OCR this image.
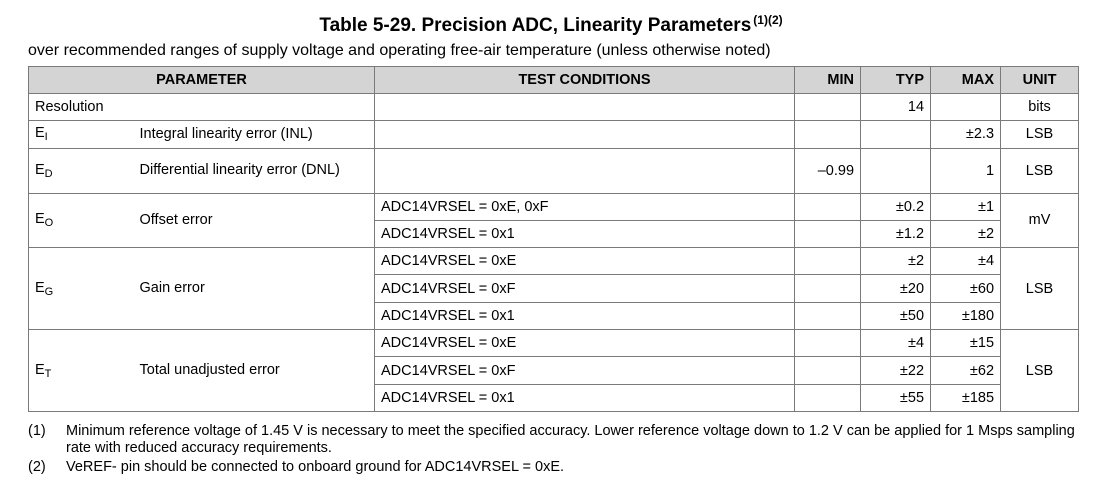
Table 5-29. Precision ADC, Linearity Parameters $^{(1)(2)}$
over recommended ranges of supply voltage and operating free-air temperature (unless otherwise noted)
PARAMETER		TEST CONDITIONS	MIN	TYP	MAX	UNIT
Resolution				14		bits
$E_I$	Integral linearity error (INL)				±2.3	LSB
$E_D$	Differential linearity error (DNL)		–0.99		1	LSB
$E_O$	Offset error	ADC14VRSEL = 0xE, 0xF		±0.2	±1	mV
		ADC14VRSEL = 0x1		±1.2	±2	
$E_G$	Gain error	ADC14VRSEL = 0xE		±2	±4	LSB
		ADC14VRSEL = 0xF		±20	±60	
		ADC14VRSEL = 0x1		±50	±180	
$E_T$	Total unadjusted error	ADC14VRSEL = 0xE		±4	±15	LSB
		ADC14VRSEL = 0xF		±22	±62	
		ADC14VRSEL = 0x1		±55	±185	
(1)	Minimum reference voltage of 1.45 V is necessary to meet the specified accuracy. Lower reference voltage down to 1.2 V can be applied for 1 Msps sampling rate with reduced accuracy requirements.
(2)	VeREF- pin should be connected to onboard ground for ADC14VRSEL = 0xE.
